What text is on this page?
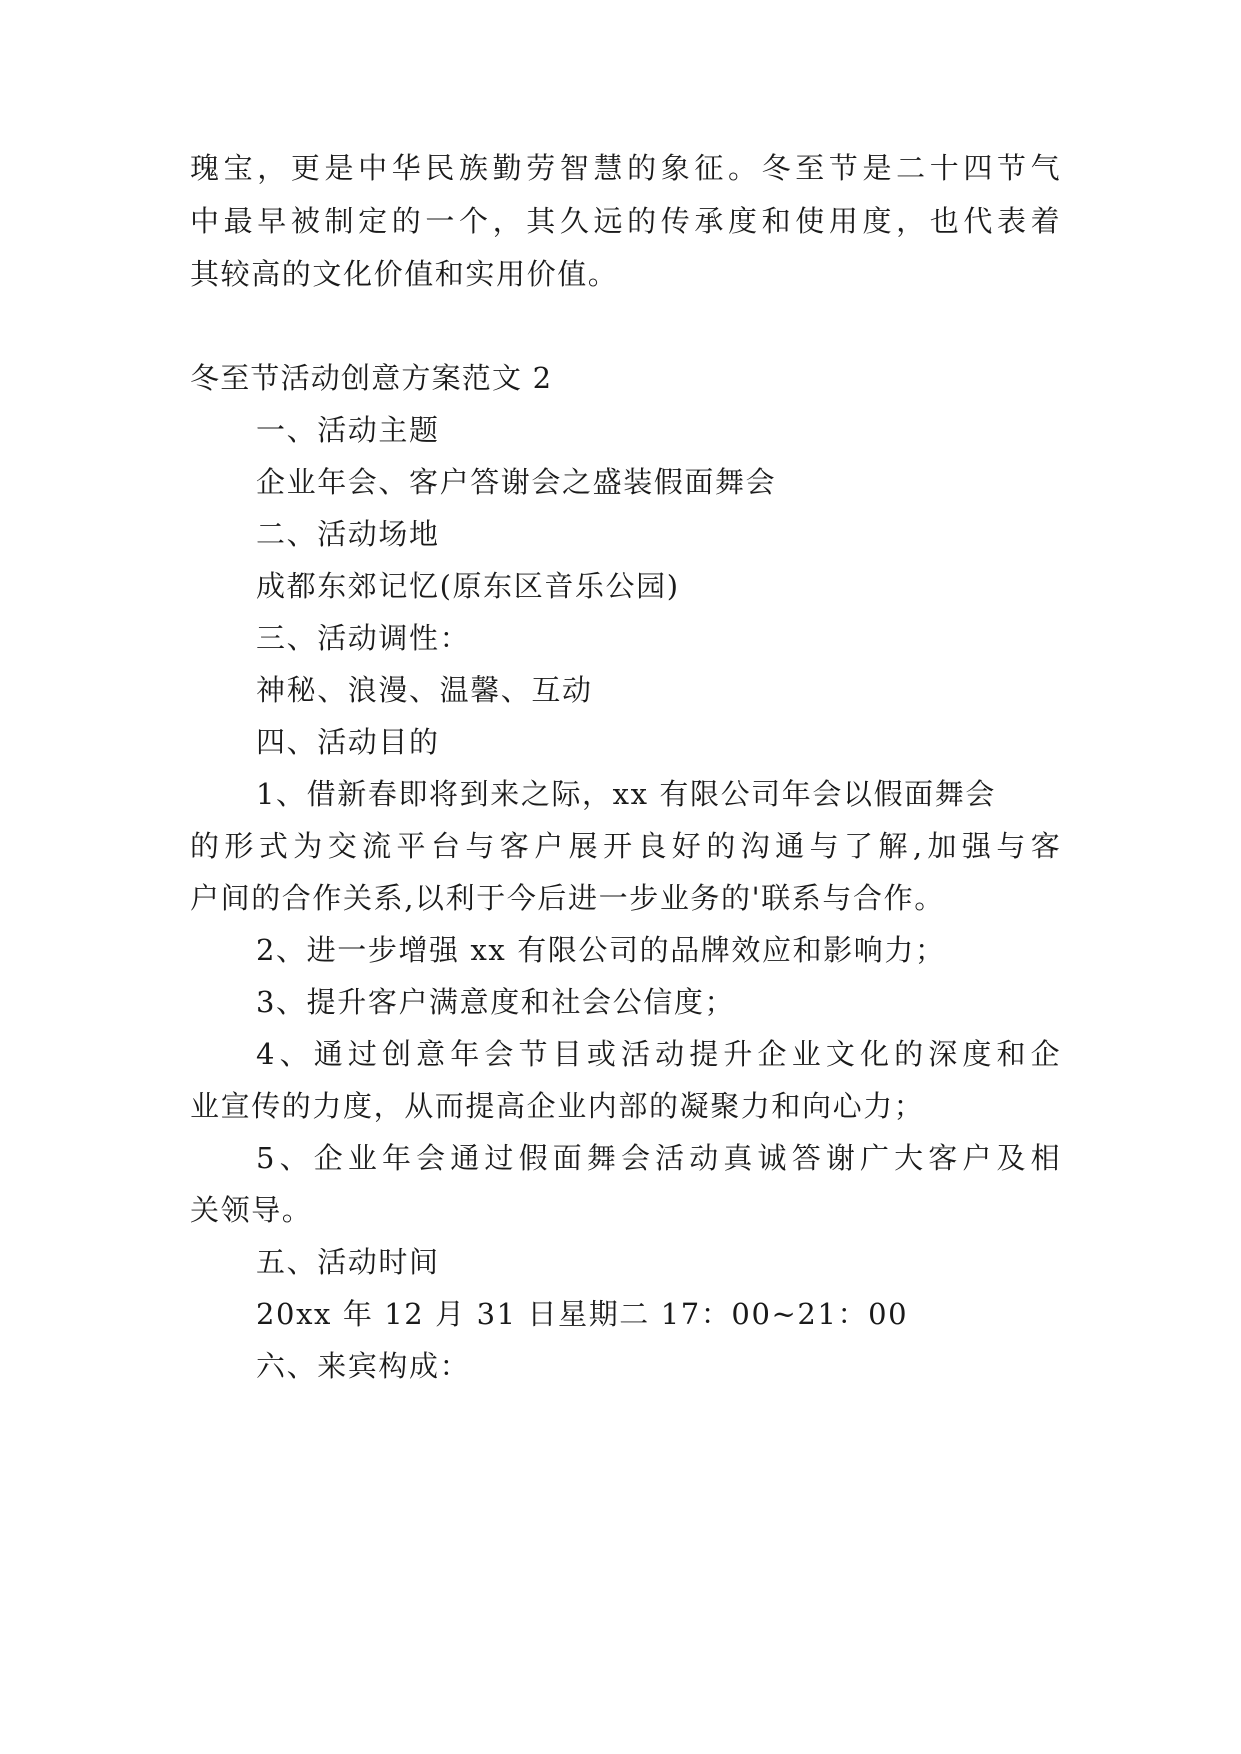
瑰 宝 ， 更 是 中 华 民 族 勤 劳 智 慧 的 象 征 。 冬 至 节 是 二 十 四 节 气
中 最 早 被 制 定 的 一 个 ， 其 久 远 的 传 承 度 和 使 用 度 ， 也 代 表 着
其较高的文化价值和实用价值。
冬至节活动创意方案范文 2
一、活动主题
企业年会、客户答谢会之盛装假面舞会
二、活动场地
成都东郊记忆(原东区音乐公园)
三、活动调性：
神秘、浪漫、温馨、互动
四、活动目的
1、借新春即将到来之际，xx 有限公司年会以假面舞会
的 形 式 为 交 流 平 台 与 客 户 展 开 良 好 的 沟 通 与 了 解 , 加 强 与 客
户间的合作关系,以利于今后进一步业务的'联系与合作。
2、进一步增强 xx 有限公司的品牌效应和影响力；
3、提升客户满意度和社会公信度；
4 、 通 过 创 意 年 会 节 目 或 活 动 提 升 企 业 文 化 的 深 度 和 企
业宣传的力度，从而提高企业内部的凝聚力和向心力；
5 、 企 业 年 会 通 过 假 面 舞 会 活 动 真 诚 答 谢 广 大 客 户 及 相
关领导。
五、活动时间
20xx 年 12 月 31 日星期二 17：00~21：00
六、来宾构成：
